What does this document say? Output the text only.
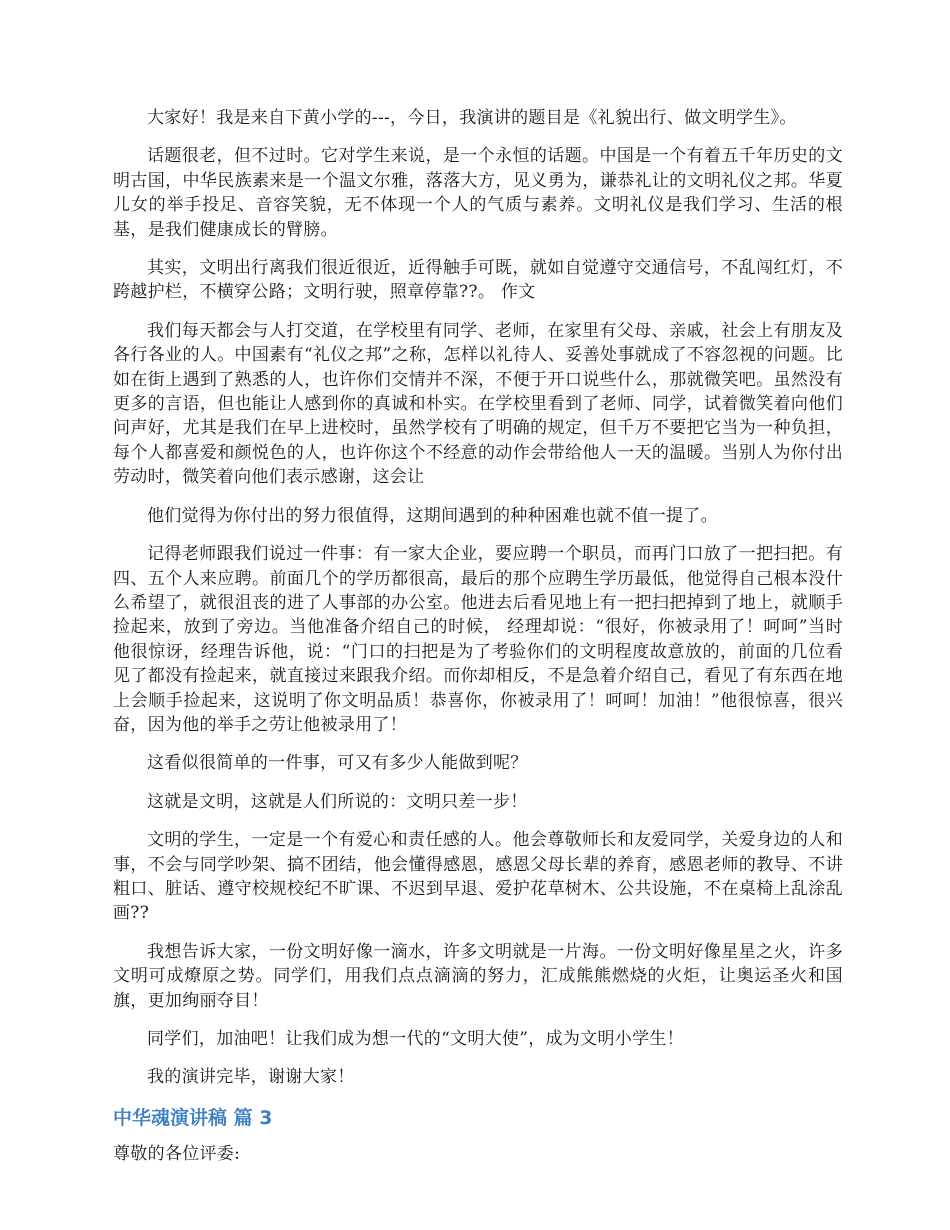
大家好！我是来自下黄小学的---，今日，我演讲的题目是《礼貌出行、做文明学生》。

话题很老，但不过时。它对学生来说，是一个永恒的话题。中国是一个有着五千年历史的文明古国，中华民族素来是一个温文尔雅，落落大方，见义勇为，谦恭礼让的文明礼仪之邦。华夏儿女的举手投足、音容笑貌，无不体现一个人的气质与素养。文明礼仪是我们学习、生活的根基，是我们健康成长的臂膀。

其实，文明出行离我们很近很近，近得触手可既，就如自觉遵守交通信号，不乱闯红灯，不跨越护栏，不横穿公路；文明行驶，照章停靠??。 作文

我们每天都会与人打交道，在学校里有同学、老师，在家里有父母、亲戚，社会上有朋友及各行各业的人。中国素有“礼仪之邦”之称，怎样以礼待人、妥善处事就成了不容忽视的问题。比如在街上遇到了熟悉的人，也许你们交情并不深，不便于开口说些什么，那就微笑吧。虽然没有更多的言语，但也能让人感到你的真诚和朴实。在学校里看到了老师、同学，试着微笑着向他们问声好，尤其是我们在早上进校时，虽然学校有了明确的规定，但千万不要把它当为一种负担，每个人都喜爱和颜悦色的人，也许你这个不经意的动作会带给他人一天的温暖。当别人为你付出劳动时，微笑着向他们表示感谢，这会让

他们觉得为你付出的努力很值得，这期间遇到的种种困难也就不值一提了。

记得老师跟我们说过一件事：有一家大企业，要应聘一个职员，而再门口放了一把扫把。有四、五个人来应聘。前面几个的学历都很高，最后的那个应聘生学历最低，他觉得自己根本没什么希望了，就很沮丧的进了人事部的办公室。他进去后看见地上有一把扫把掉到了地上，就顺手捡起来，放到了旁边。当他准备介绍自己的时候， 经理却说：“很好，你被录用了！呵呵”当时他很惊讶，经理告诉他，说：“门口的扫把是为了考验你们的文明程度故意放的，前面的几位看见了都没有捡起来，就直接过来跟我介绍。而你却相反，不是急着介绍自己，看见了有东西在地上会顺手捡起来，这说明了你文明品质！恭喜你，你被录用了！呵呵！加油！”他很惊喜，很兴奋，因为他的举手之劳让他被录用了！

这看似很简单的一件事，可又有多少人能做到呢？

这就是文明，这就是人们所说的：文明只差一步！

文明的学生，一定是一个有爱心和责任感的人。他会尊敬师长和友爱同学，关爱身边的人和事，不会与同学吵架、搞不团结，他会懂得感恩，感恩父母长辈的养育，感恩老师的教导、不讲粗口、脏话、遵守校规校纪不旷课、不迟到早退、爱护花草树木、公共设施，不在桌椅上乱涂乱画??

我想告诉大家，一份文明好像一滴水，许多文明就是一片海。一份文明好像星星之火，许多文明可成燎原之势。同学们，用我们点点滴滴的努力，汇成熊熊燃烧的火炬，让奥运圣火和国旗，更加绚丽夺目！

同学们，加油吧！让我们成为想一代的“文明大使”，成为文明小学生！

我的演讲完毕，谢谢大家！

中华魂演讲稿 篇 3

尊敬的各位评委:
